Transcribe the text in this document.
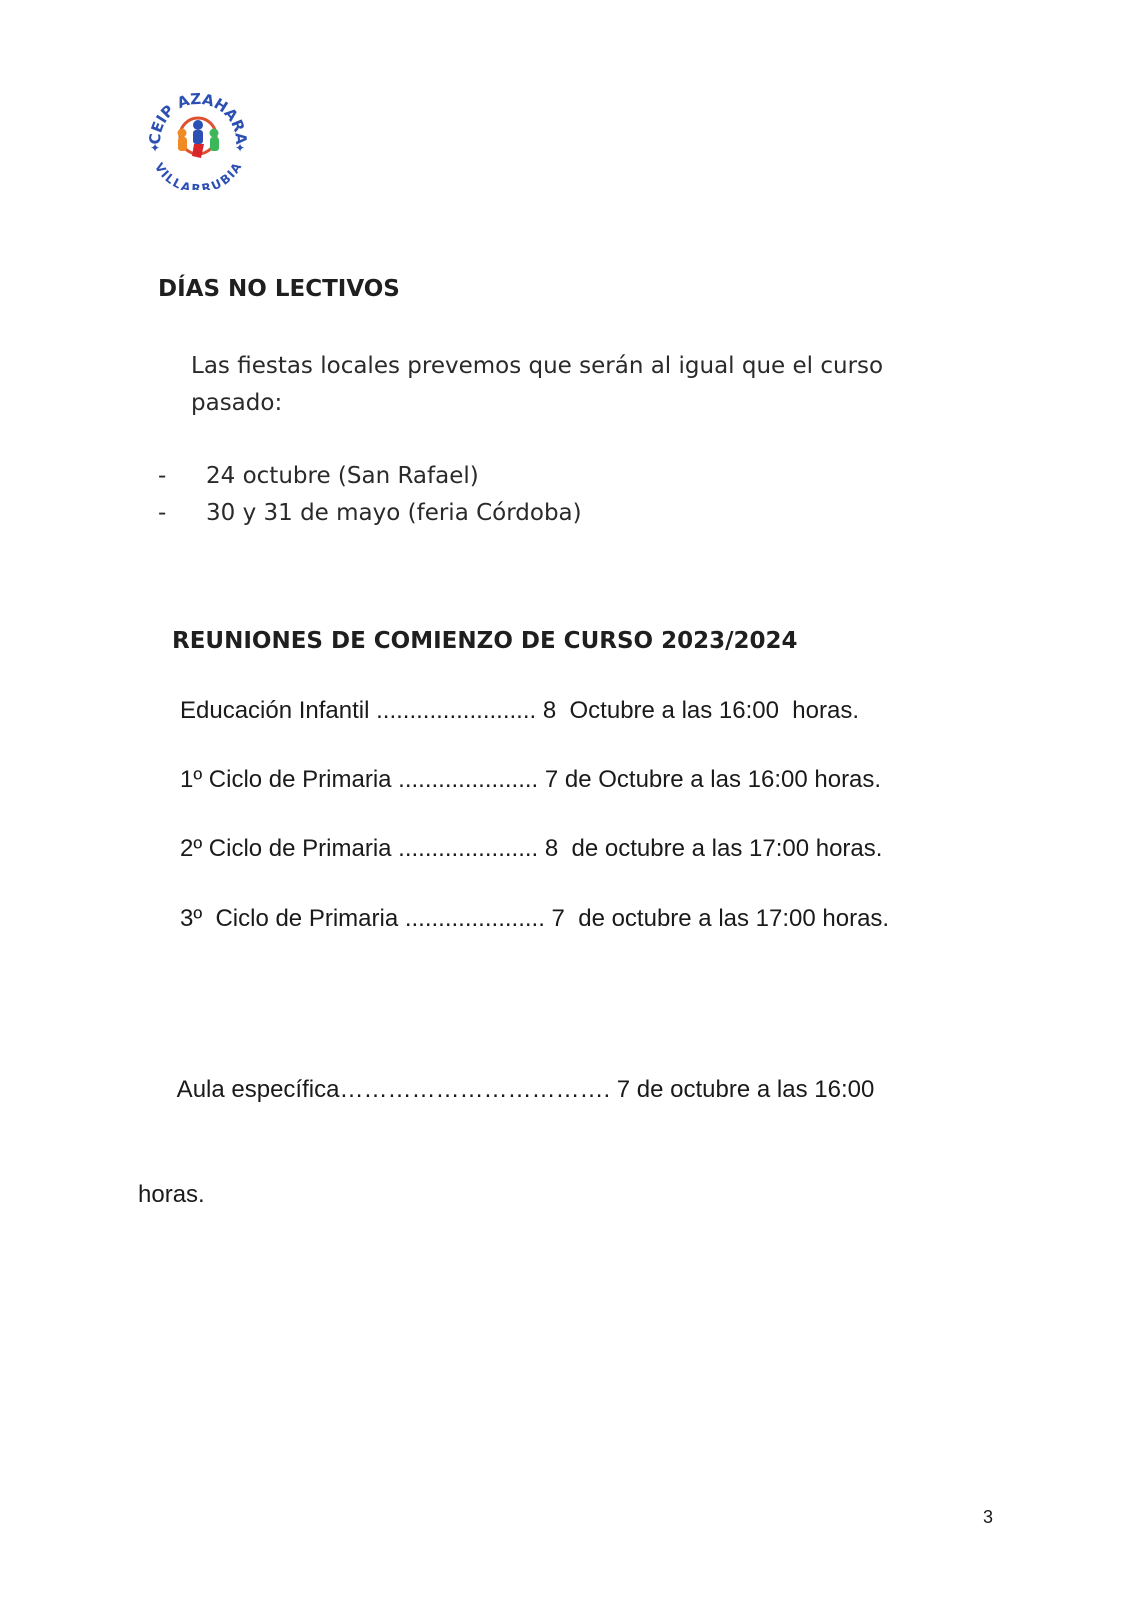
CEIP AZAHARA
VILLARRUBIA
✦	✦
DÍAS NO LECTIVOS
Las fiestas locales prevemos que serán al igual que el curso
pasado:
-	24 octubre (San Rafael)
-	30 y 31 de mayo (feria Córdoba)
REUNIONES DE COMIENZO DE CURSO 2023/2024
Educación Infantil ........................ 8  Octubre a las 16:00  horas.
1º Ciclo de Primaria ..................... 7 de Octubre a las 16:00 horas.
2º Ciclo de Primaria ..................... 8  de octubre a las 17:00 horas.
3º  Ciclo de Primaria ..................... 7  de octubre a las 17:00 horas.

Aula específica……………………………. 7 de octubre a las 16:00

horas.

3
